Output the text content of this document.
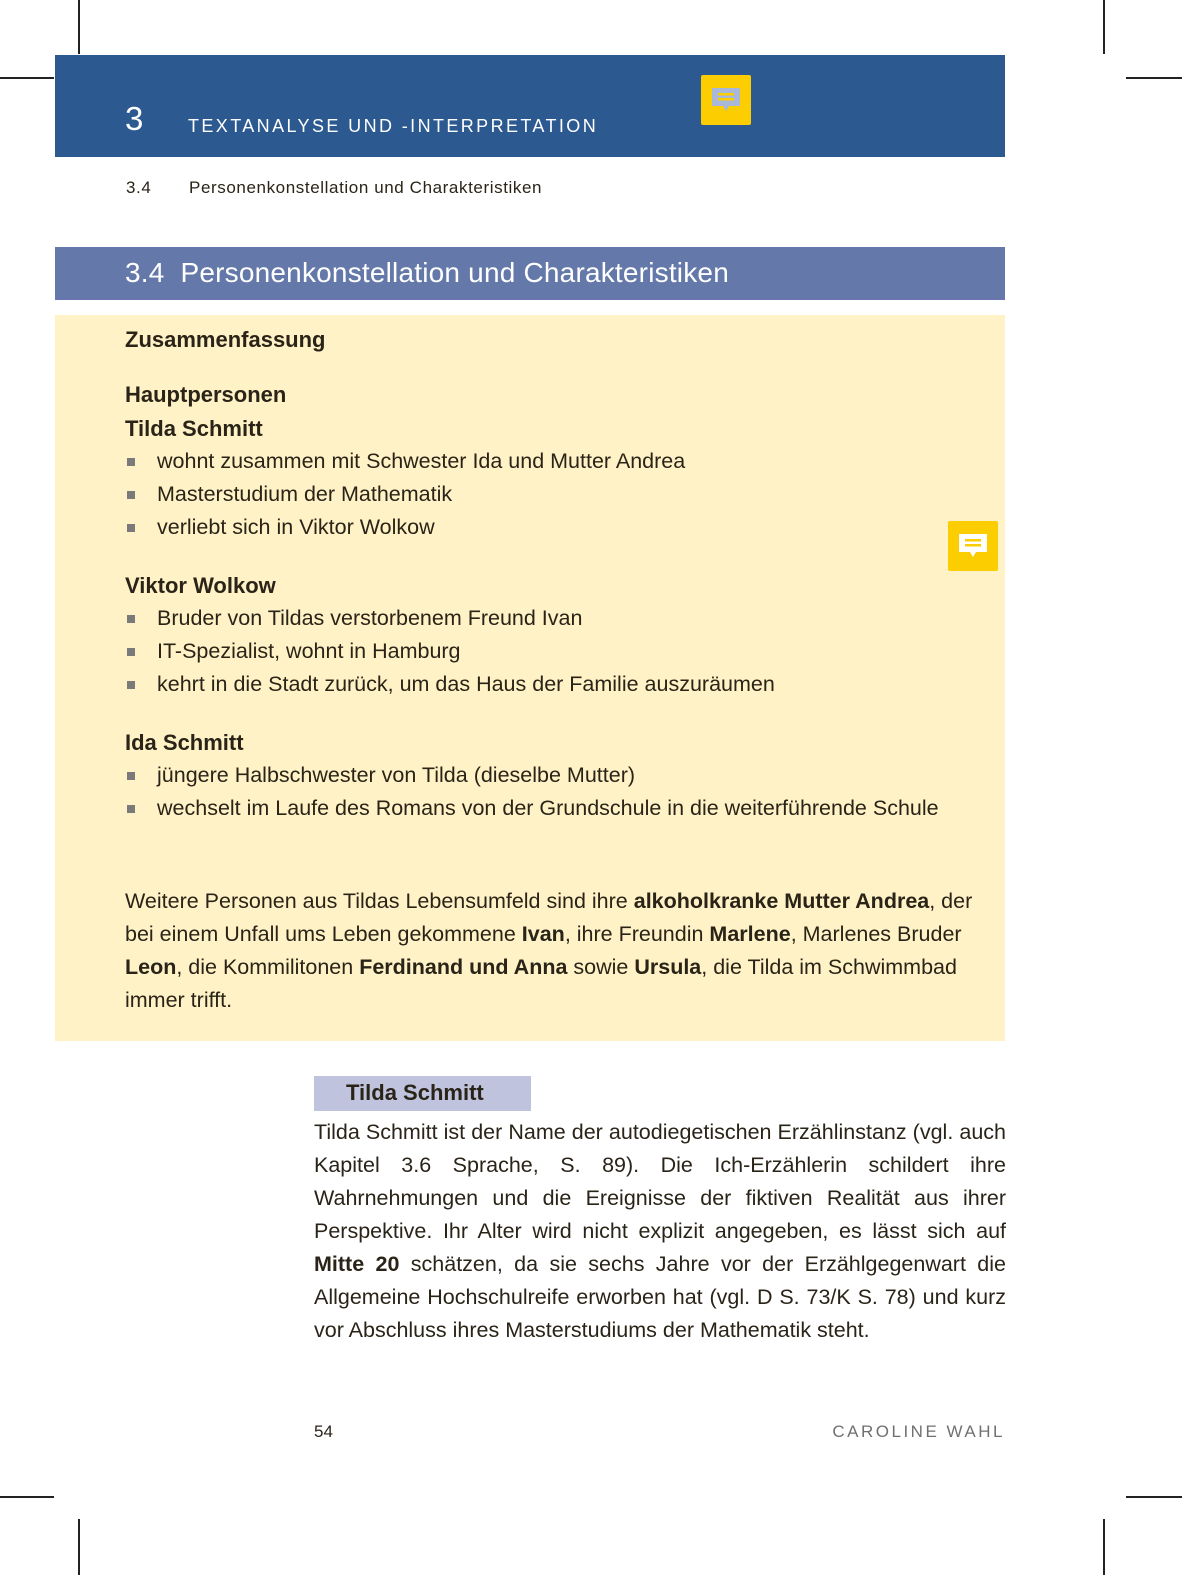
3 TEXTANALYSE UND -INTERPRETATION
3.4 Personenkonstellation und Charakteristiken
3.4  Personenkonstellation und Charakteristiken
Zusammenfassung
Hauptpersonen
Tilda Schmitt
wohnt zusammen mit Schwester Ida und Mutter Andrea
Masterstudium der Mathematik
verliebt sich in Viktor Wolkow
Viktor Wolkow
Bruder von Tildas verstorbenem Freund Ivan
IT-Spezialist, wohnt in Hamburg
kehrt in die Stadt zurück, um das Haus der Familie auszuräumen
Ida Schmitt
jüngere Halbschwester von Tilda (dieselbe Mutter)
wechselt im Laufe des Romans von der Grundschule in die weiterführende Schule
Weitere Personen aus Tildas Lebensumfeld sind ihre alkoholkranke Mutter Andrea, der bei einem Unfall ums Leben gekommene Ivan, ihre Freundin Marlene, Marlenes Bruder Leon, die Kommilitonen Ferdinand und Anna sowie Ursula, die Tilda im Schwimmbad immer trifft.
Tilda Schmitt
Tilda Schmitt ist der Name der autodiegetischen Erzählinstanz (vgl. auch Kapitel 3.6 Sprache, S. 89). Die Ich-Erzählerin schildert ihre Wahrnehmungen und die Ereignisse der fiktiven Realität aus ihrer Perspektive. Ihr Alter wird nicht explizit angegeben, es lässt sich auf Mitte 20 schätzen, da sie sechs Jahre vor der Erzählgegenwart die Allgemeine Hochschulreife erworben hat (vgl. D S. 73/K S. 78) und kurz vor Abschluss ihres Masterstudiums der Mathematik steht.
54	CAROLINE WAHL
